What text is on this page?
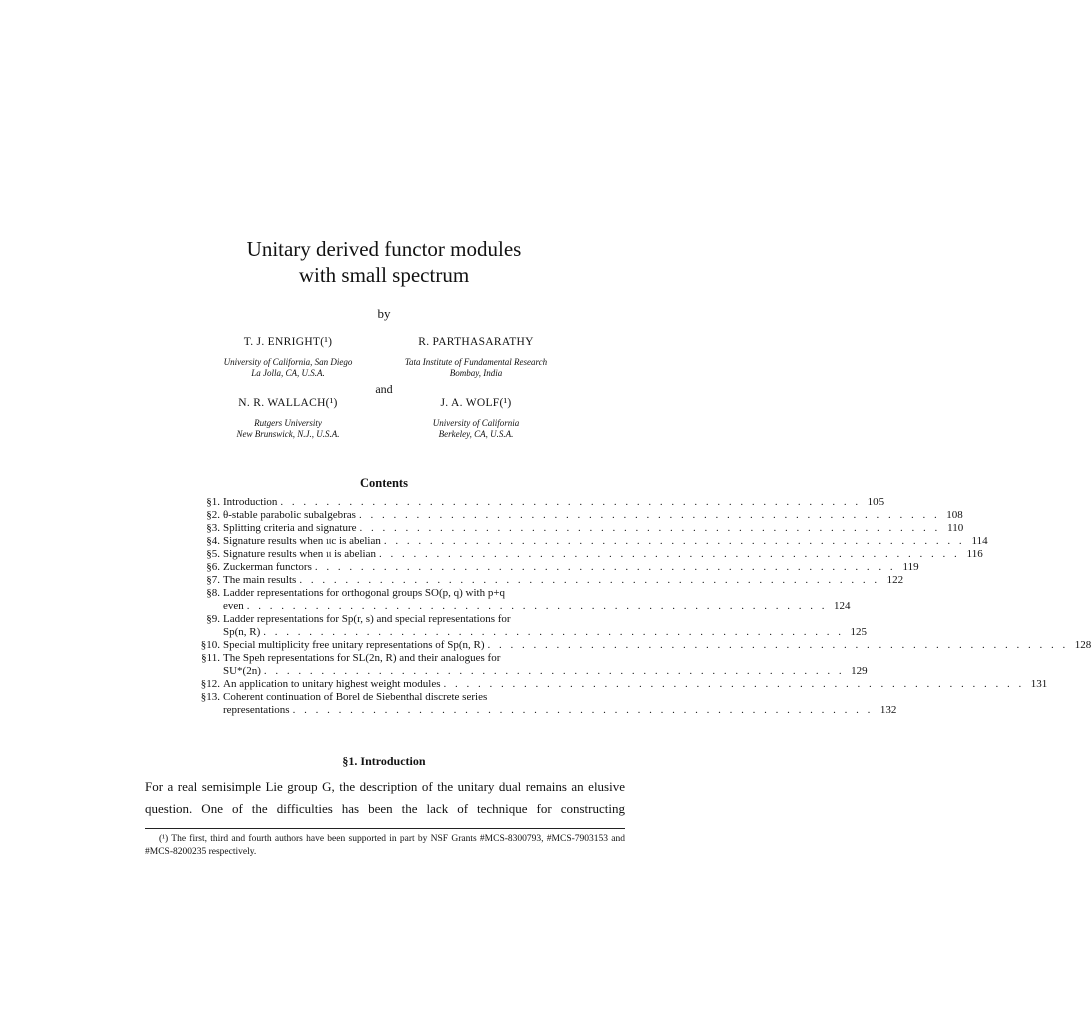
Unitary derived functor modules
with small spectrum
by
T. J. ENRIGHT(¹)
University of California, San Diego
La Jolla, CA, U.S.A.
R. PARTHASARATHY
Tata Institute of Fundamental Research
Bombay, India
and
N. R. WALLACH(¹)
Rutgers University
New Brunswick, N.J., U.S.A.
J. A. WOLF(¹)
University of California
Berkeley, CA, U.S.A.
Contents
§1. Introduction . . .	105
§2. θ-stable parabolic subalgebras . . .	108
§3. Splitting criteria and signature . . .	110
§4. Signature results when 𝔲c is abelian . . .	114
§5. Signature results when 𝔲 is abelian . . .	116
§6. Zuckerman functors . . .	119
§7. The main results . . .	122
§8. Ladder representations for orthogonal groups SO(p, q) with p+q
even . . .	124
§9. Ladder representations for Sp(r, s) and special representations for
Sp(n, R) . . .	125
§10. Special multiplicity free unitary representations of Sp(n, R) . . .	128
§11. The Speh representations for SL(2n, R) and their analogues for
SU*(2n) . . .	129
§12. An application to unitary highest weight modules . . .	131
§13. Coherent continuation of Borel de Siebenthal discrete series
representations . . .	132
§1. Introduction
For a real semisimple Lie group G, the description of the unitary dual remains an elusive question. One of the difficulties has been the lack of technique for constructing
(¹) The first, third and fourth authors have been supported in part by NSF Grants #MCS-8300793, #MCS-7903153 and #MCS-8200235 respectively.
